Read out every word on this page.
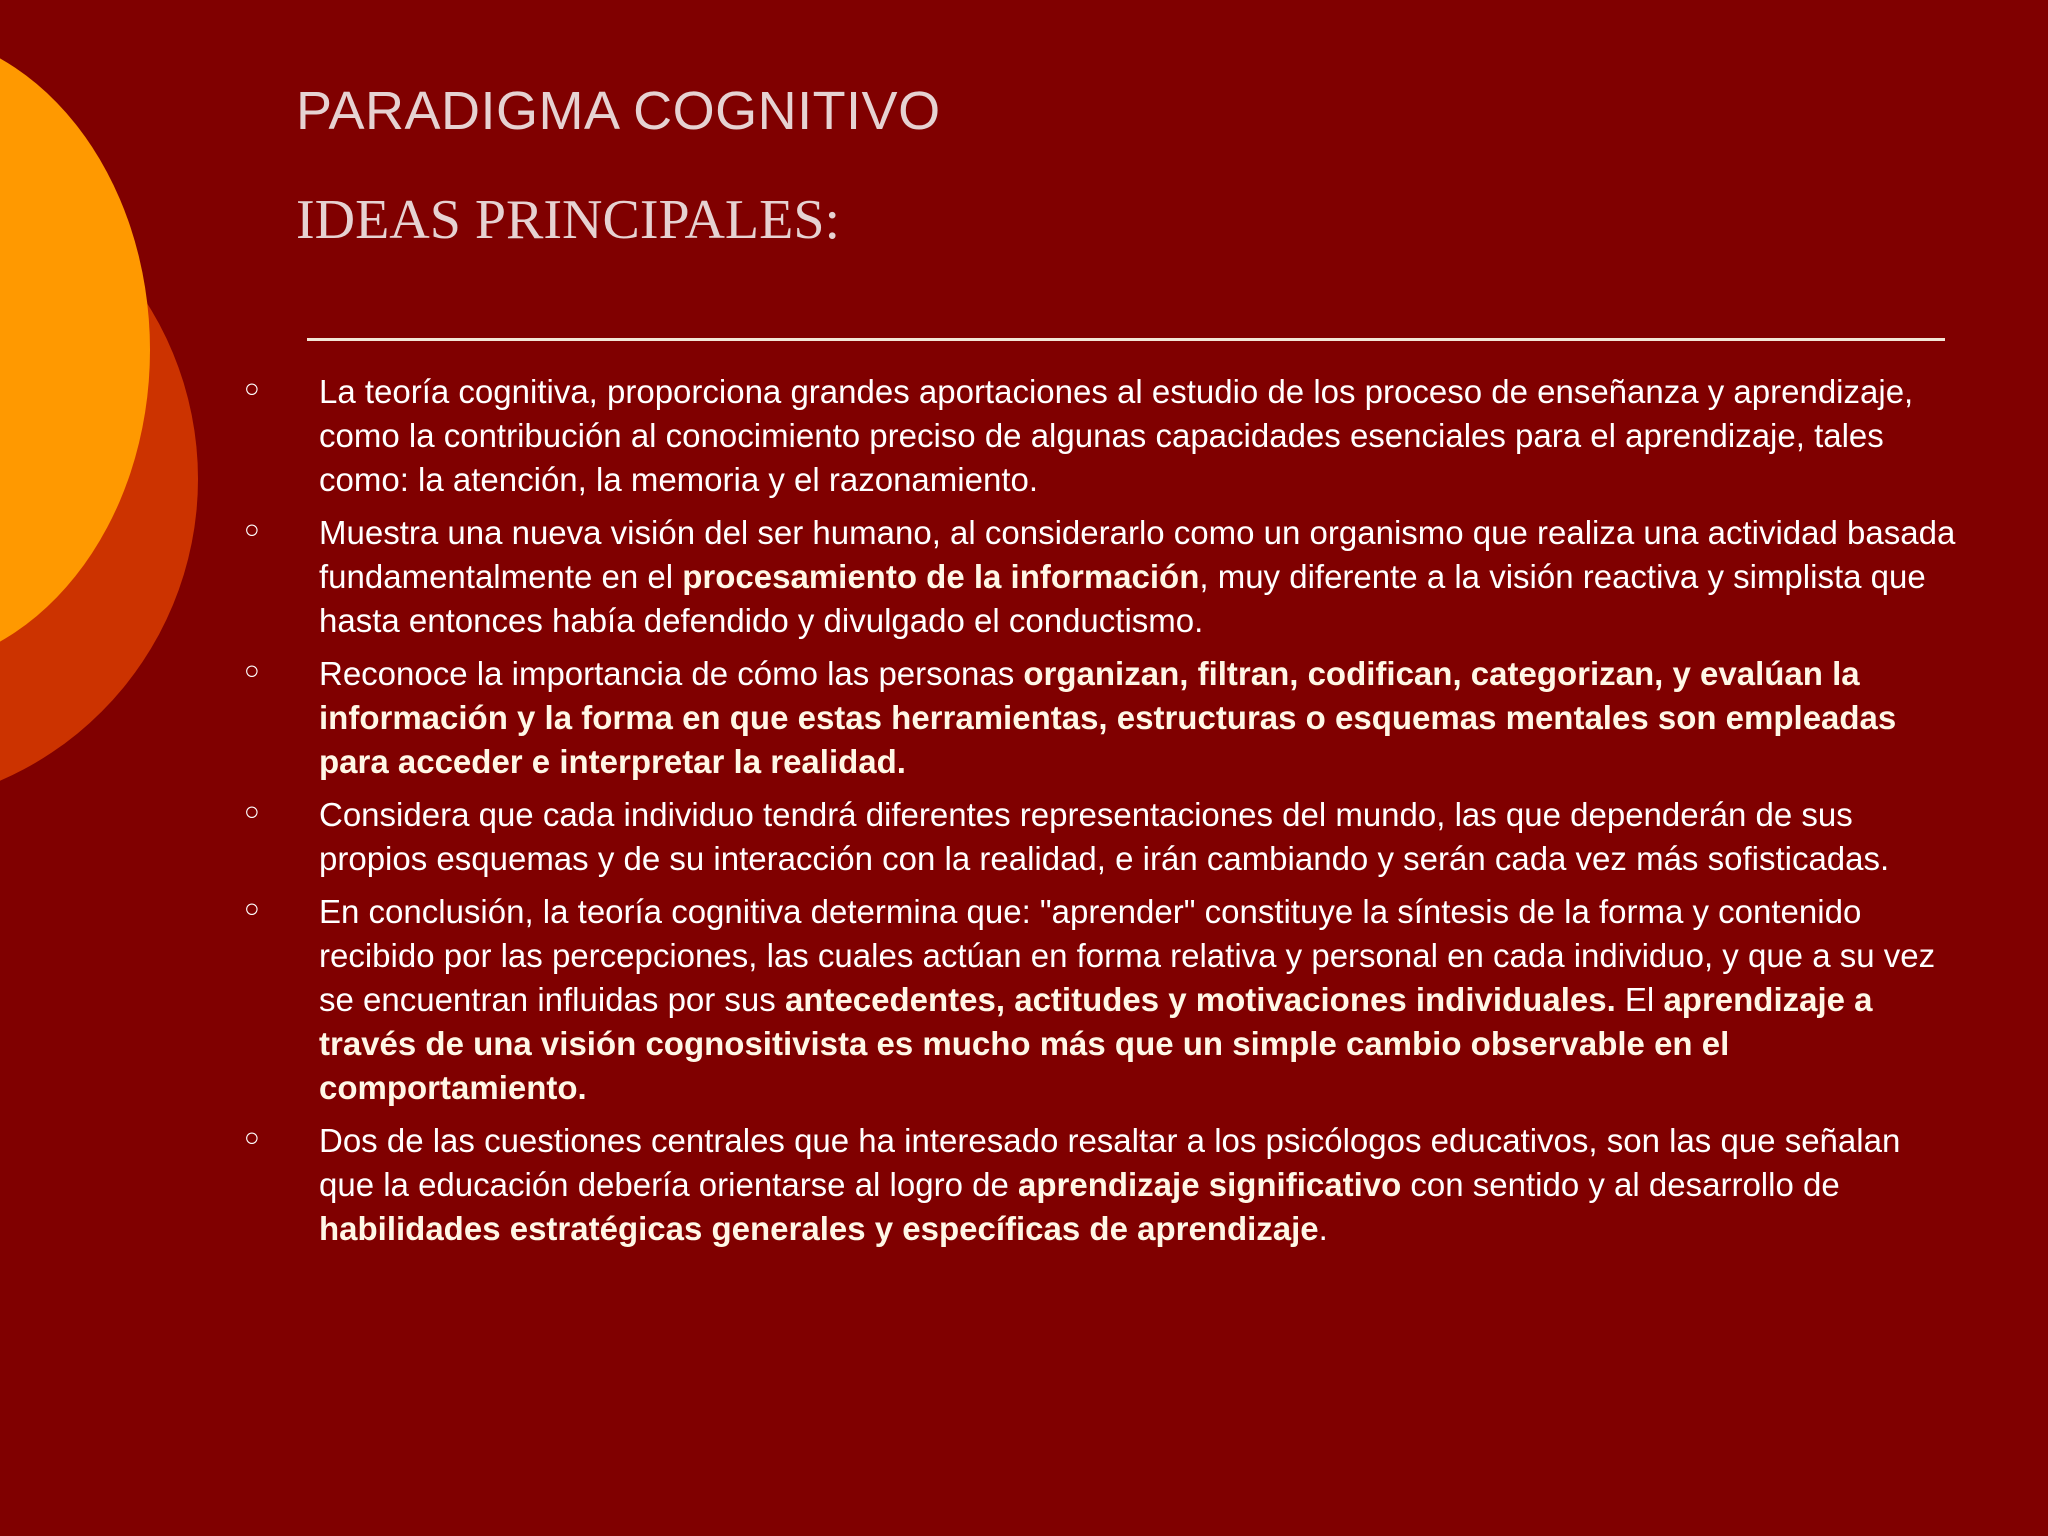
PARADIGMA COGNITIVO
IDEAS PRINCIPALES:
○ La teoría cognitiva, proporciona grandes aportaciones al estudio de los proceso de enseñanza y aprendizaje, como la contribución al conocimiento preciso de algunas capacidades esenciales para el aprendizaje, tales como: la atención, la memoria y el razonamiento.
○ Muestra una nueva visión del ser humano, al considerarlo como un organismo que realiza una actividad basada fundamentalmente en el procesamiento de la información, muy diferente a la visión reactiva y simplista que hasta entonces había defendido y divulgado el conductismo.
○ Reconoce la importancia de cómo las personas organizan, filtran, codifican, categorizan, y evalúan la información y la forma en que estas herramientas, estructuras o esquemas mentales son empleadas para acceder e interpretar la realidad.
○ Considera que cada individuo tendrá diferentes representaciones del mundo, las que dependerán de sus propios esquemas y de su interacción con la realidad, e irán cambiando y serán cada vez más sofisticadas.
○ En conclusión, la teoría cognitiva determina que: "aprender" constituye la síntesis de la forma y contenido recibido por las percepciones, las cuales actúan en forma relativa y personal en cada individuo, y que a su vez se encuentran influidas por sus antecedentes, actitudes y motivaciones individuales. El aprendizaje a través de una visión cognositivista es mucho más que un simple cambio observable en el comportamiento.
○ Dos de las cuestiones centrales que ha interesado resaltar a los psicólogos educativos, son las que señalan que la educación debería orientarse al logro de aprendizaje significativo con sentido y al desarrollo de habilidades estratégicas generales y específicas de aprendizaje.
